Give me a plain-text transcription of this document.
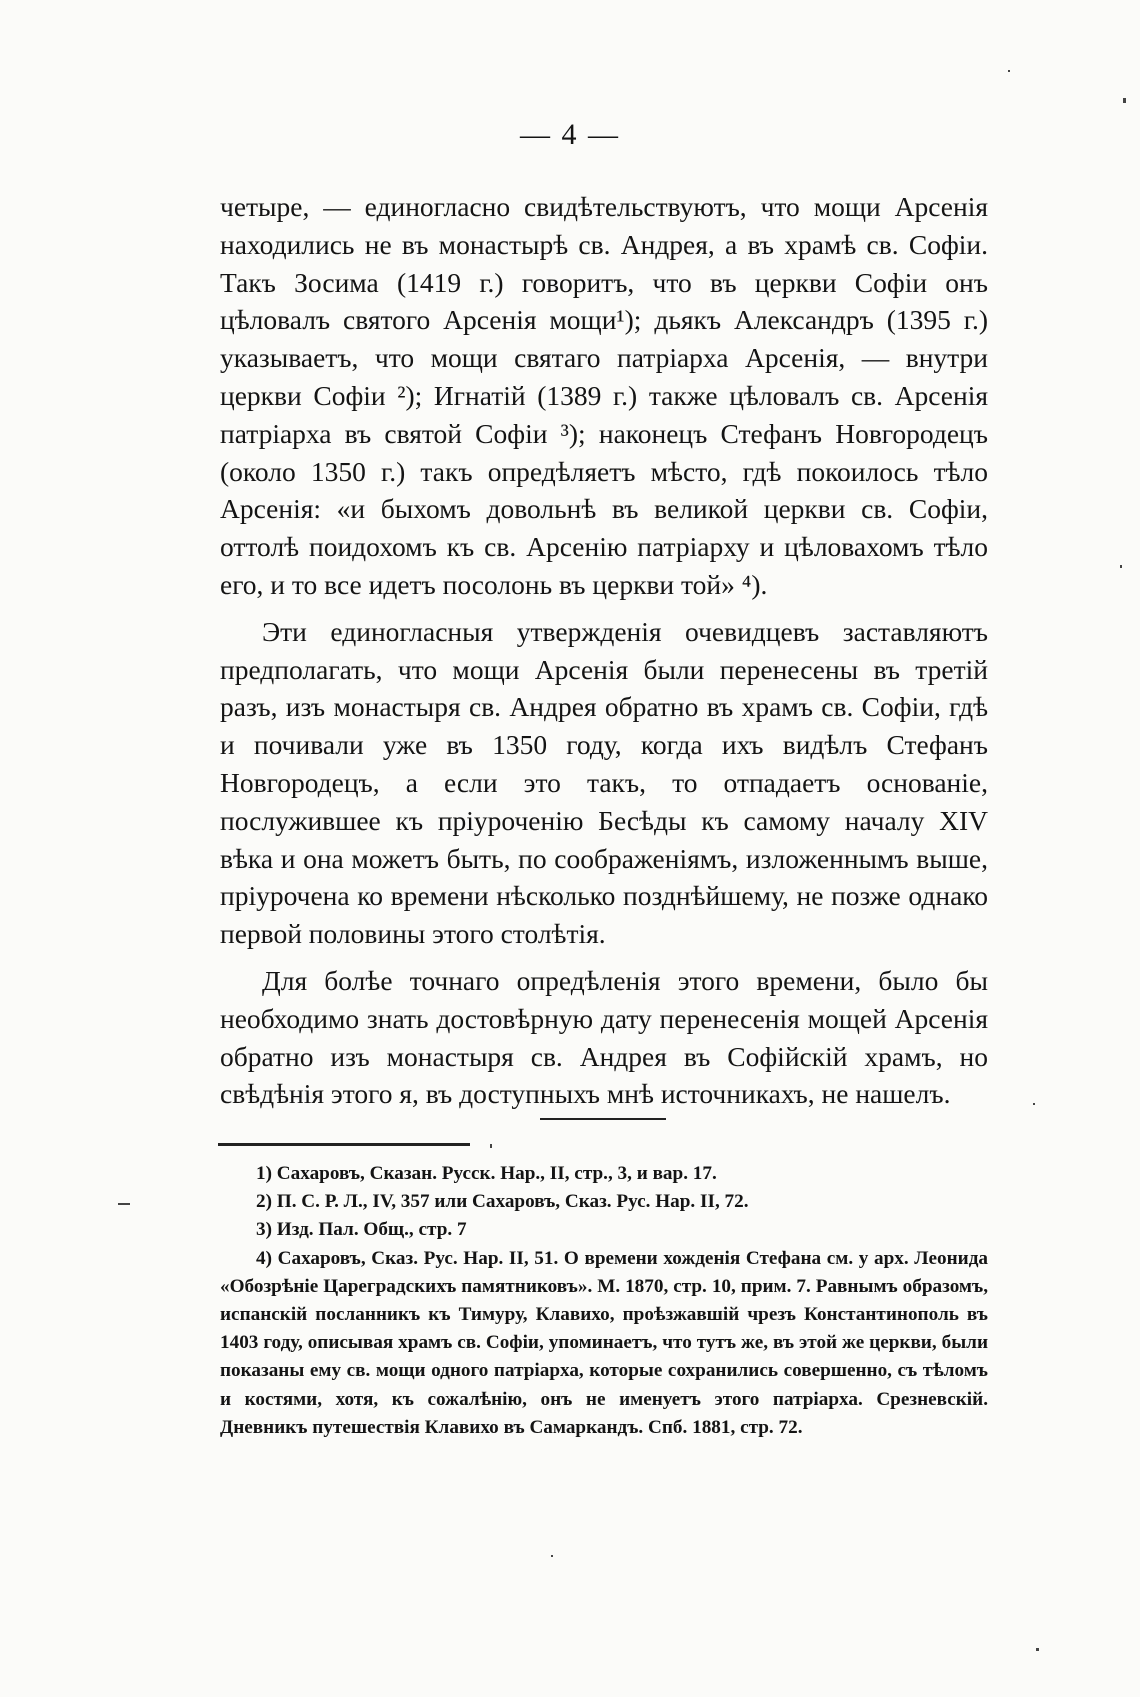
— 4 —

четыре, — единогласно свидѣтельствуютъ, что мощи Арсенія находились не въ монастырѣ св. Андрея, а въ храмѣ св. Софіи. Такъ Зосима (1419 г.) говоритъ, что въ церкви Софіи онъ цѣловалъ святого Арсенія мощи¹); дьякъ Александръ (1395 г.) указываетъ, что мощи святаго патріарха Арсенія, — внутри церкви Софіи ²); Игнатій (1389 г.) также цѣловалъ св. Арсенія патріарха въ святой Софіи ³); наконецъ Стефанъ Новгородецъ (около 1350 г.) такъ опредѣляетъ мѣсто, гдѣ покоилось тѣло Арсенія: «и быхомъ довольнѣ въ великой церкви св. Софіи, оттолѣ поидохомъ къ св. Арсенію патріарху и цѣловахомъ тѣло его, и то все идетъ посолонь въ церкви той» ⁴).

Эти единогласныя утвержденія очевидцевъ заставляютъ предполагать, что мощи Арсенія были перенесены въ третій разъ, изъ монастыря св. Андрея обратно въ храмъ св. Софіи, гдѣ и почивали уже въ 1350 году, когда ихъ видѣлъ Стефанъ Новгородецъ, а если это такъ, то отпадаетъ основаніе, послужившее къ пріуроченію Бесѣды къ самому началу XIV вѣка и она можетъ быть, по соображеніямъ, изложеннымъ выше, пріурочена ко времени нѣсколько позднѣйшему, не позже однако первой половины этого столѣтія.

Для болѣе точнаго опредѣленія этого времени, было бы необходимо знать достовѣрную дату перенесенія мощей Арсенія обратно изъ монастыря св. Андрея въ Софійскій храмъ, но свѣдѣнія этого я, въ доступныхъ мнѣ источникахъ, не нашелъ.

1) Сахаровъ, Сказан. Русск. Нар., II, стр., 3, и вар. 17.

2) П. С. Р. Л., IV, 357 или Сахаровъ, Сказ. Рус. Нар. II, 72.

3) Изд. Пал. Общ., стр. 7

4) Сахаровъ, Сказ. Рус. Нар. II, 51. О времени хожденія Стефана см. у арх. Леонида «Обозрѣніе Цареградскихъ памятниковъ». М. 1870, стр. 10, прим. 7. Равнымъ образомъ, испанскій посланникъ къ Тимуру, Клавихо, проѣзжавшій чрезъ Константинополь въ 1403 году, описывая храмъ св. Софіи, упоминаетъ, что тутъ же, въ этой же церкви, были показаны ему св. мощи одного патріарха, которые сохранились совершенно, съ тѣломъ и костями, хотя, къ сожалѣнію, онъ не именуетъ этого патріарха. Срезневскій. Дневникъ путешествія Клавихо въ Самаркандъ. Спб. 1881, стр. 72.
